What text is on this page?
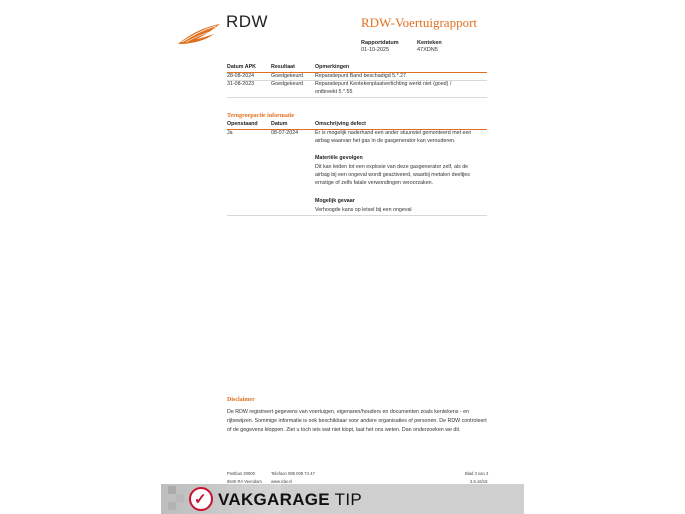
RDW	RDW-Voertuigrapport
Rapportdatum
01-10-2025
Kenteken
47XDN5
Datum APK	Resultaat	Opmerkingen
28-08-2024	Goedgekeurd Reparatiepunt Band beschadigd 5.*.27
31-08-2023	Goedgekeurd Reparatiepunt Kentekenplaatverlichting werkt niet (goed) /
ontbreekt 5.*.55
Terugroepactie informatie
Openstaand	Datum	Omschrijving defect
Ja	08-07-2024	Er is mogelijk naderhand een ander stuurwiel gemonteerd met een
airbag waarvan het gas in de gasgenerator kan verouderen.
Materiële gevolgen
Dit kan leiden tot een explosie van deze gasgenerator zelf, als de
airbag bij een ongeval wordt geactiveerd, waarbij metalen deeltjes
ernstige of zelfs fatale verwondingen veroorzaken.
Mogelijk gevaar
Verhoogde kans op letsel bij een ongeval
Disclaimer
De RDW registreert gegevens van voertuigen, eigenaren/houders en documenten zoals kentekens - en rijbewijzen. Sommige informatie is ook beschikbaar voor andere organisaties of personen. De RDW controleert of de gegevens kloppen. Ziet u toch iets wat niet klopt, laat het ons weten. Dan onderzoeken we dit.
Postbus 30000
9640 RA Veendam
Telefoon 088 008 74 47
www.rdw.nl
Blad 3 van 3
3.6.16/18
✓ VAKGARAGE TIP
